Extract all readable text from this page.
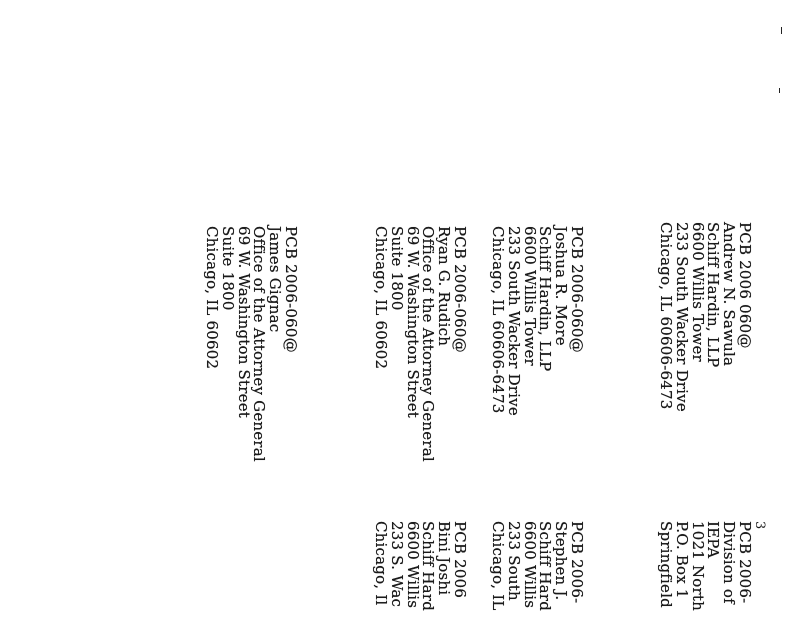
3
PCB 2006 060@
Andrew N. Sawula
Schiff Hardin, LLP
6600 Willis Tower
233 South Wacker Drive
Chicago, IL 60606-6473
PCB 2006-
Division of
IEPA
1021 North
P.O. Box 1
Springfield
PCB 2006-060@
Joshua R. More
Schiff Hardin, LLP
6600 Willis Tower
233 South Wacker Drive
Chicago, IL 60606-6473
PCB 2006-
Stephen J.
Schiff Hard
6600 Willis
233 South
Chicago, IL
PCB 2006-060@
Ryan G. Rudich
Office of the Attorney General
69 W. Washington Street
Suite 1800
Chicago, IL 60602
PCB 2006
Bini Joshi
Schiff Hard
6600 Willis
233 S. Wac
Chicago, Il
PCB 2006-060@
James Gignac
Office of the Attorney General
69 W. Washington Street
Suite 1800
Chicago, IL 60602
